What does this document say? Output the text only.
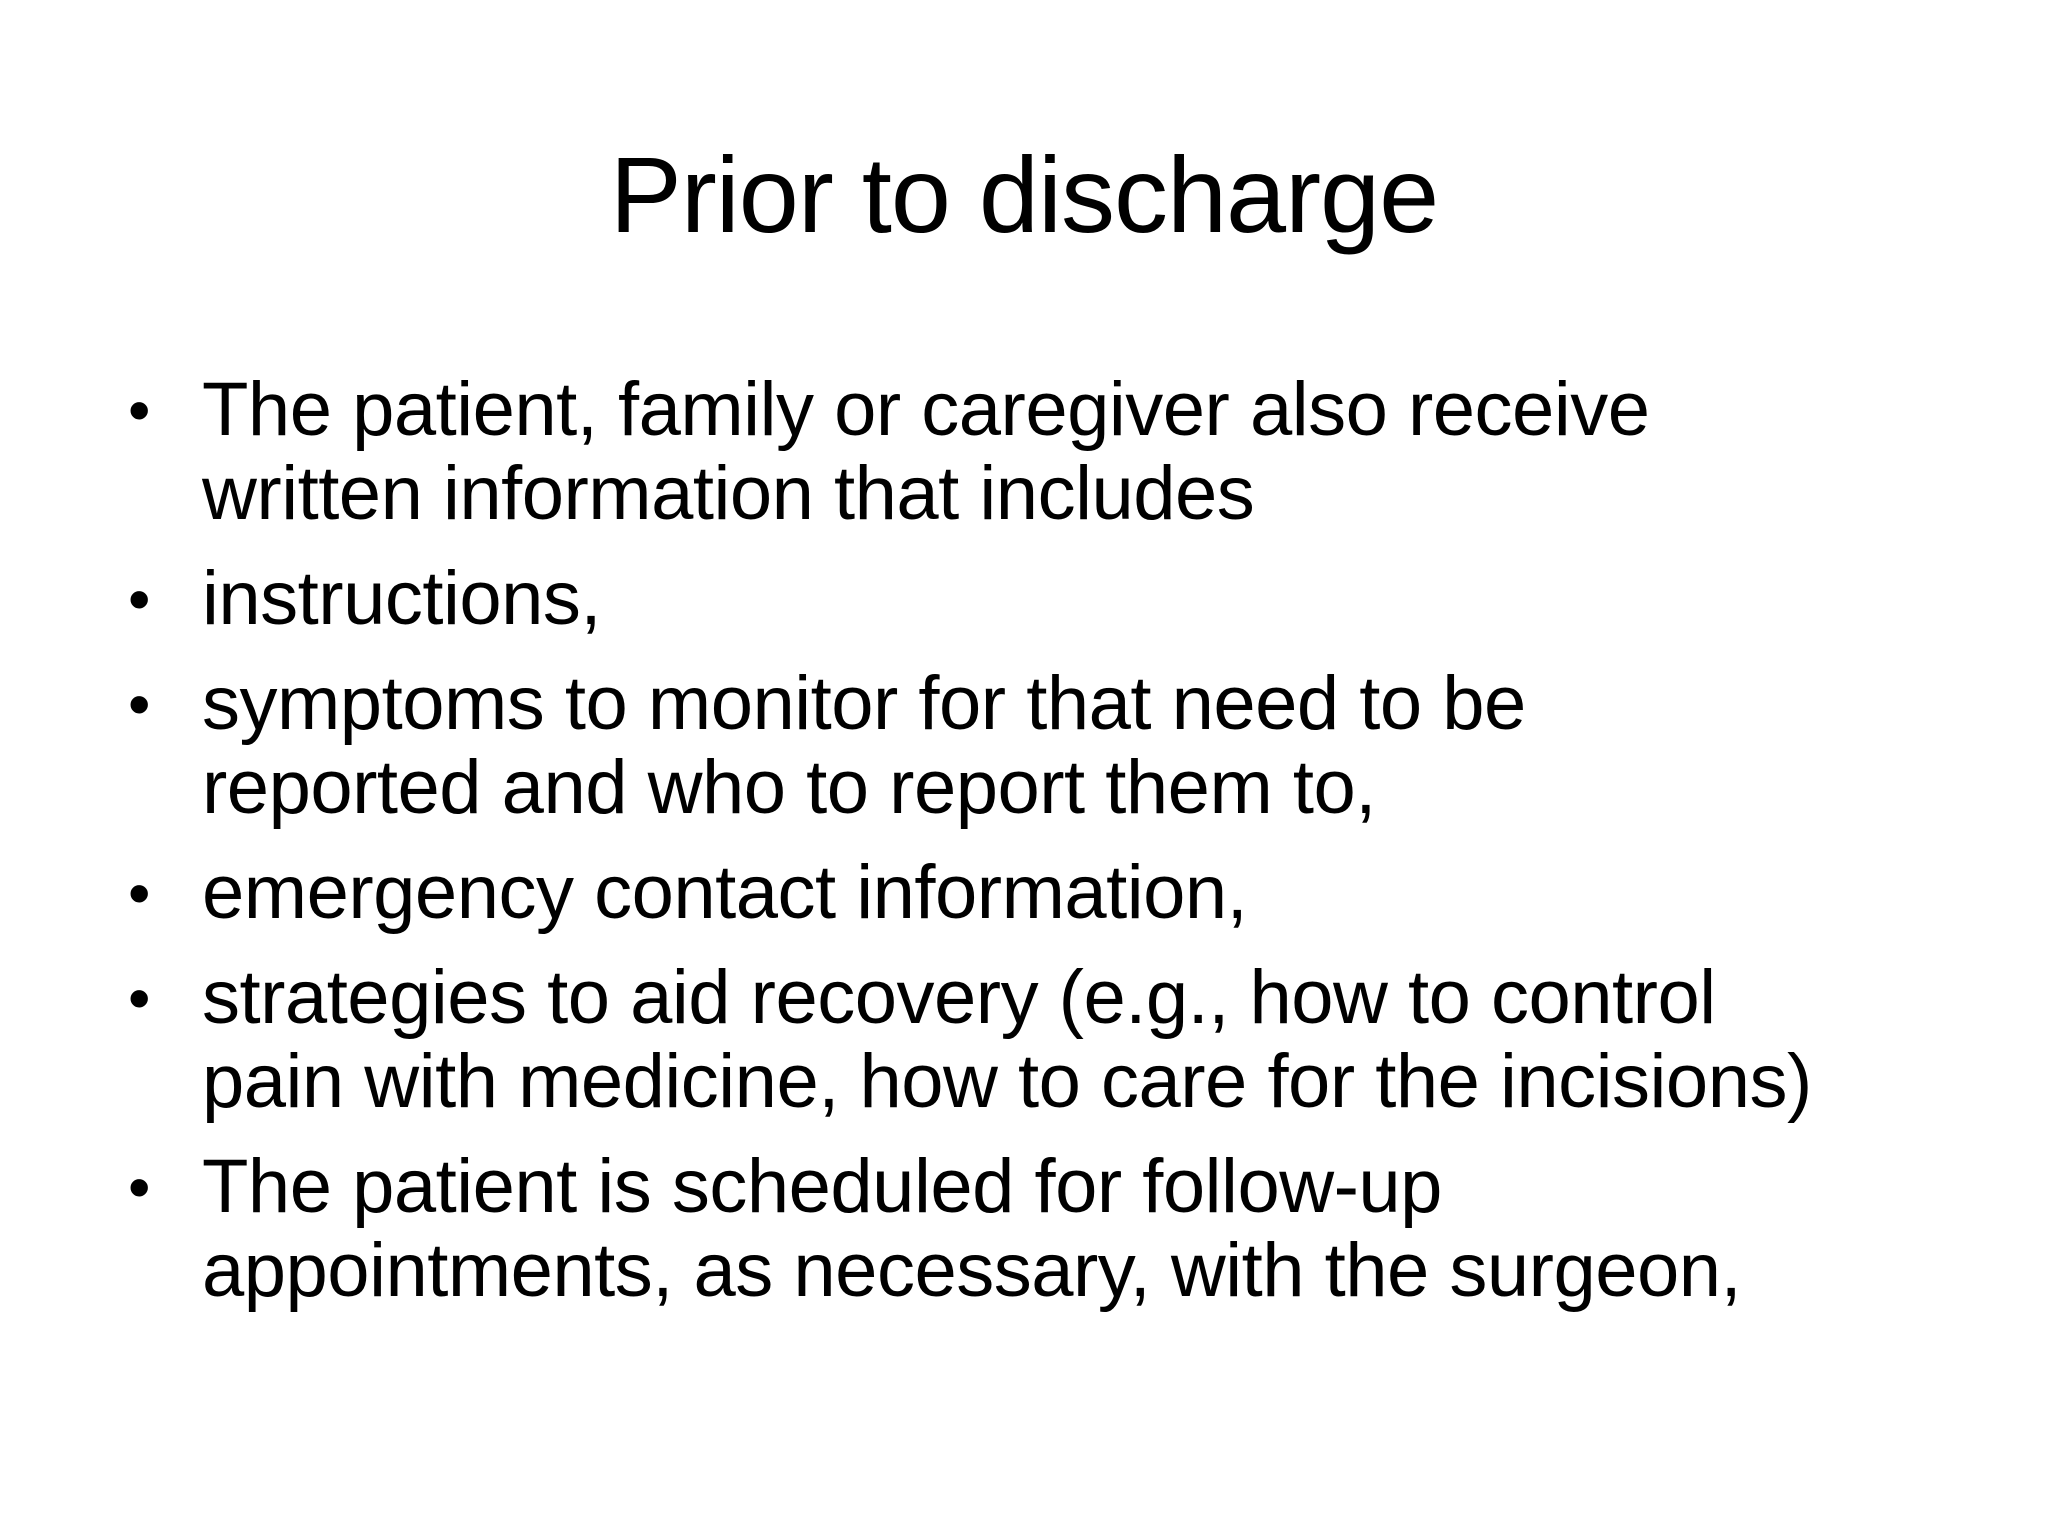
Prior to discharge
• The patient, family or caregiver also receive
written information that includes
• instructions,
• symptoms to monitor for that need to be
reported and who to report them to,
• emergency contact information,
• strategies to aid recovery (e.g., how to control
pain with medicine, how to care for the incisions)
• The patient is scheduled for follow-up
appointments, as necessary, with the surgeon,
